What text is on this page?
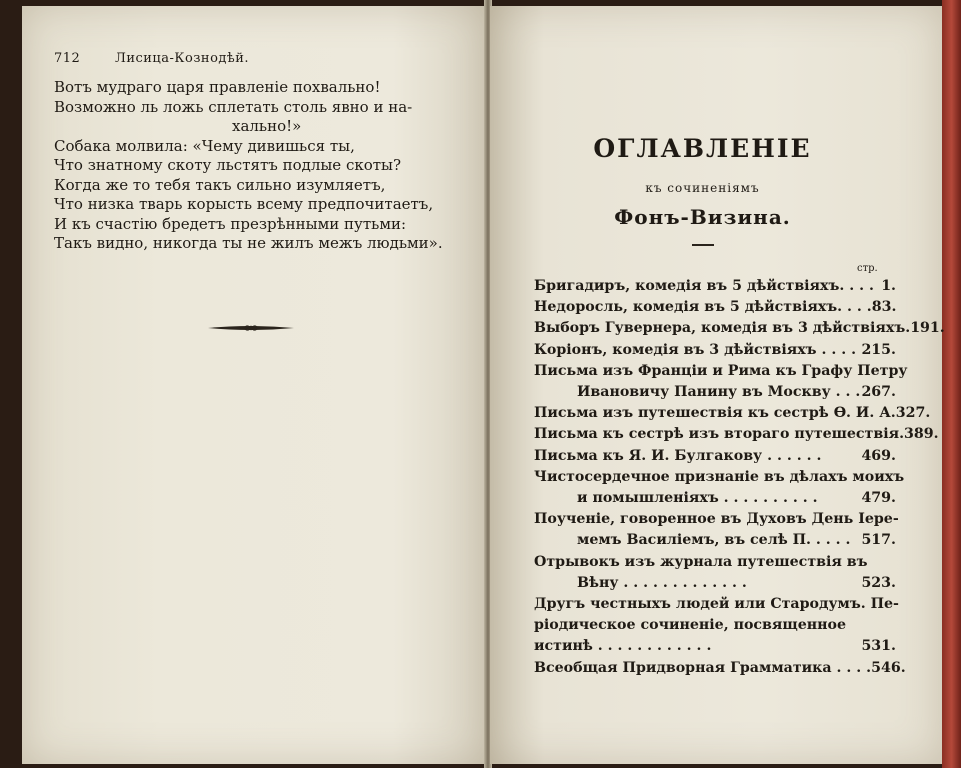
712	Лисица-Кознодѣй.
Вотъ мудраго царя правленіе похвально!
Возможно ль ложь сплетать столь явно и на-
хально!»
Собака молвила: «Чему дивишься ты,
Что знатному скоту льстятъ подлые скоты?
Когда же то тебя такъ сильно изумляетъ,
Что низка тварь корысть всему предпочитаетъ,
И къ счастію бредетъ презрѣнными путьми:
Такъ видно, никогда ты не жилъ межъ людьми».
ОГЛАВЛЕНІЕ
къ сочиненіямъ
Фонъ-Визина.
стр.
Бригадиръ, комедія въ 5 дѣйствіяхъ. . . . 1.
Недоросль, комедія въ 5 дѣйствіяхъ. . . . 83.
Выборъ Гувернера, комедія въ 3 дѣйствіяхъ. 191.
Коріонъ, комедія въ 3 дѣйствіяхъ . . . . 215.
Письма изъ Франціи и Рима къ Графу Петру
Ивановичу Панину въ Москву . . . 267.
Письма изъ путешествія къ сестрѣ Ѳ. И. А. 327.
Письма къ сестрѣ изъ втораго путешествія. 389.
Письма къ Я. И. Булгакову . . . . . .	469.
Чистосердечное признаніе въ дѣлахъ моихъ
и помышленіяхъ . . . . . . . . . .	479.
Поученіе, говоренное въ Духовъ День Іере-
мемъ Василіемъ, въ селѣ П. . . . . 517.
Отрывокъ изъ журнала путешествія въ
Вѣну . . . . . . . . . . . . .	523.
Другъ честныхъ людей или Стародумъ. Пе-
ріодическое сочиненіе, посвященное
истинѣ . . . . . . . . . . . .	531.
Всеобщая Придворная Грамматика . . . . 546.
